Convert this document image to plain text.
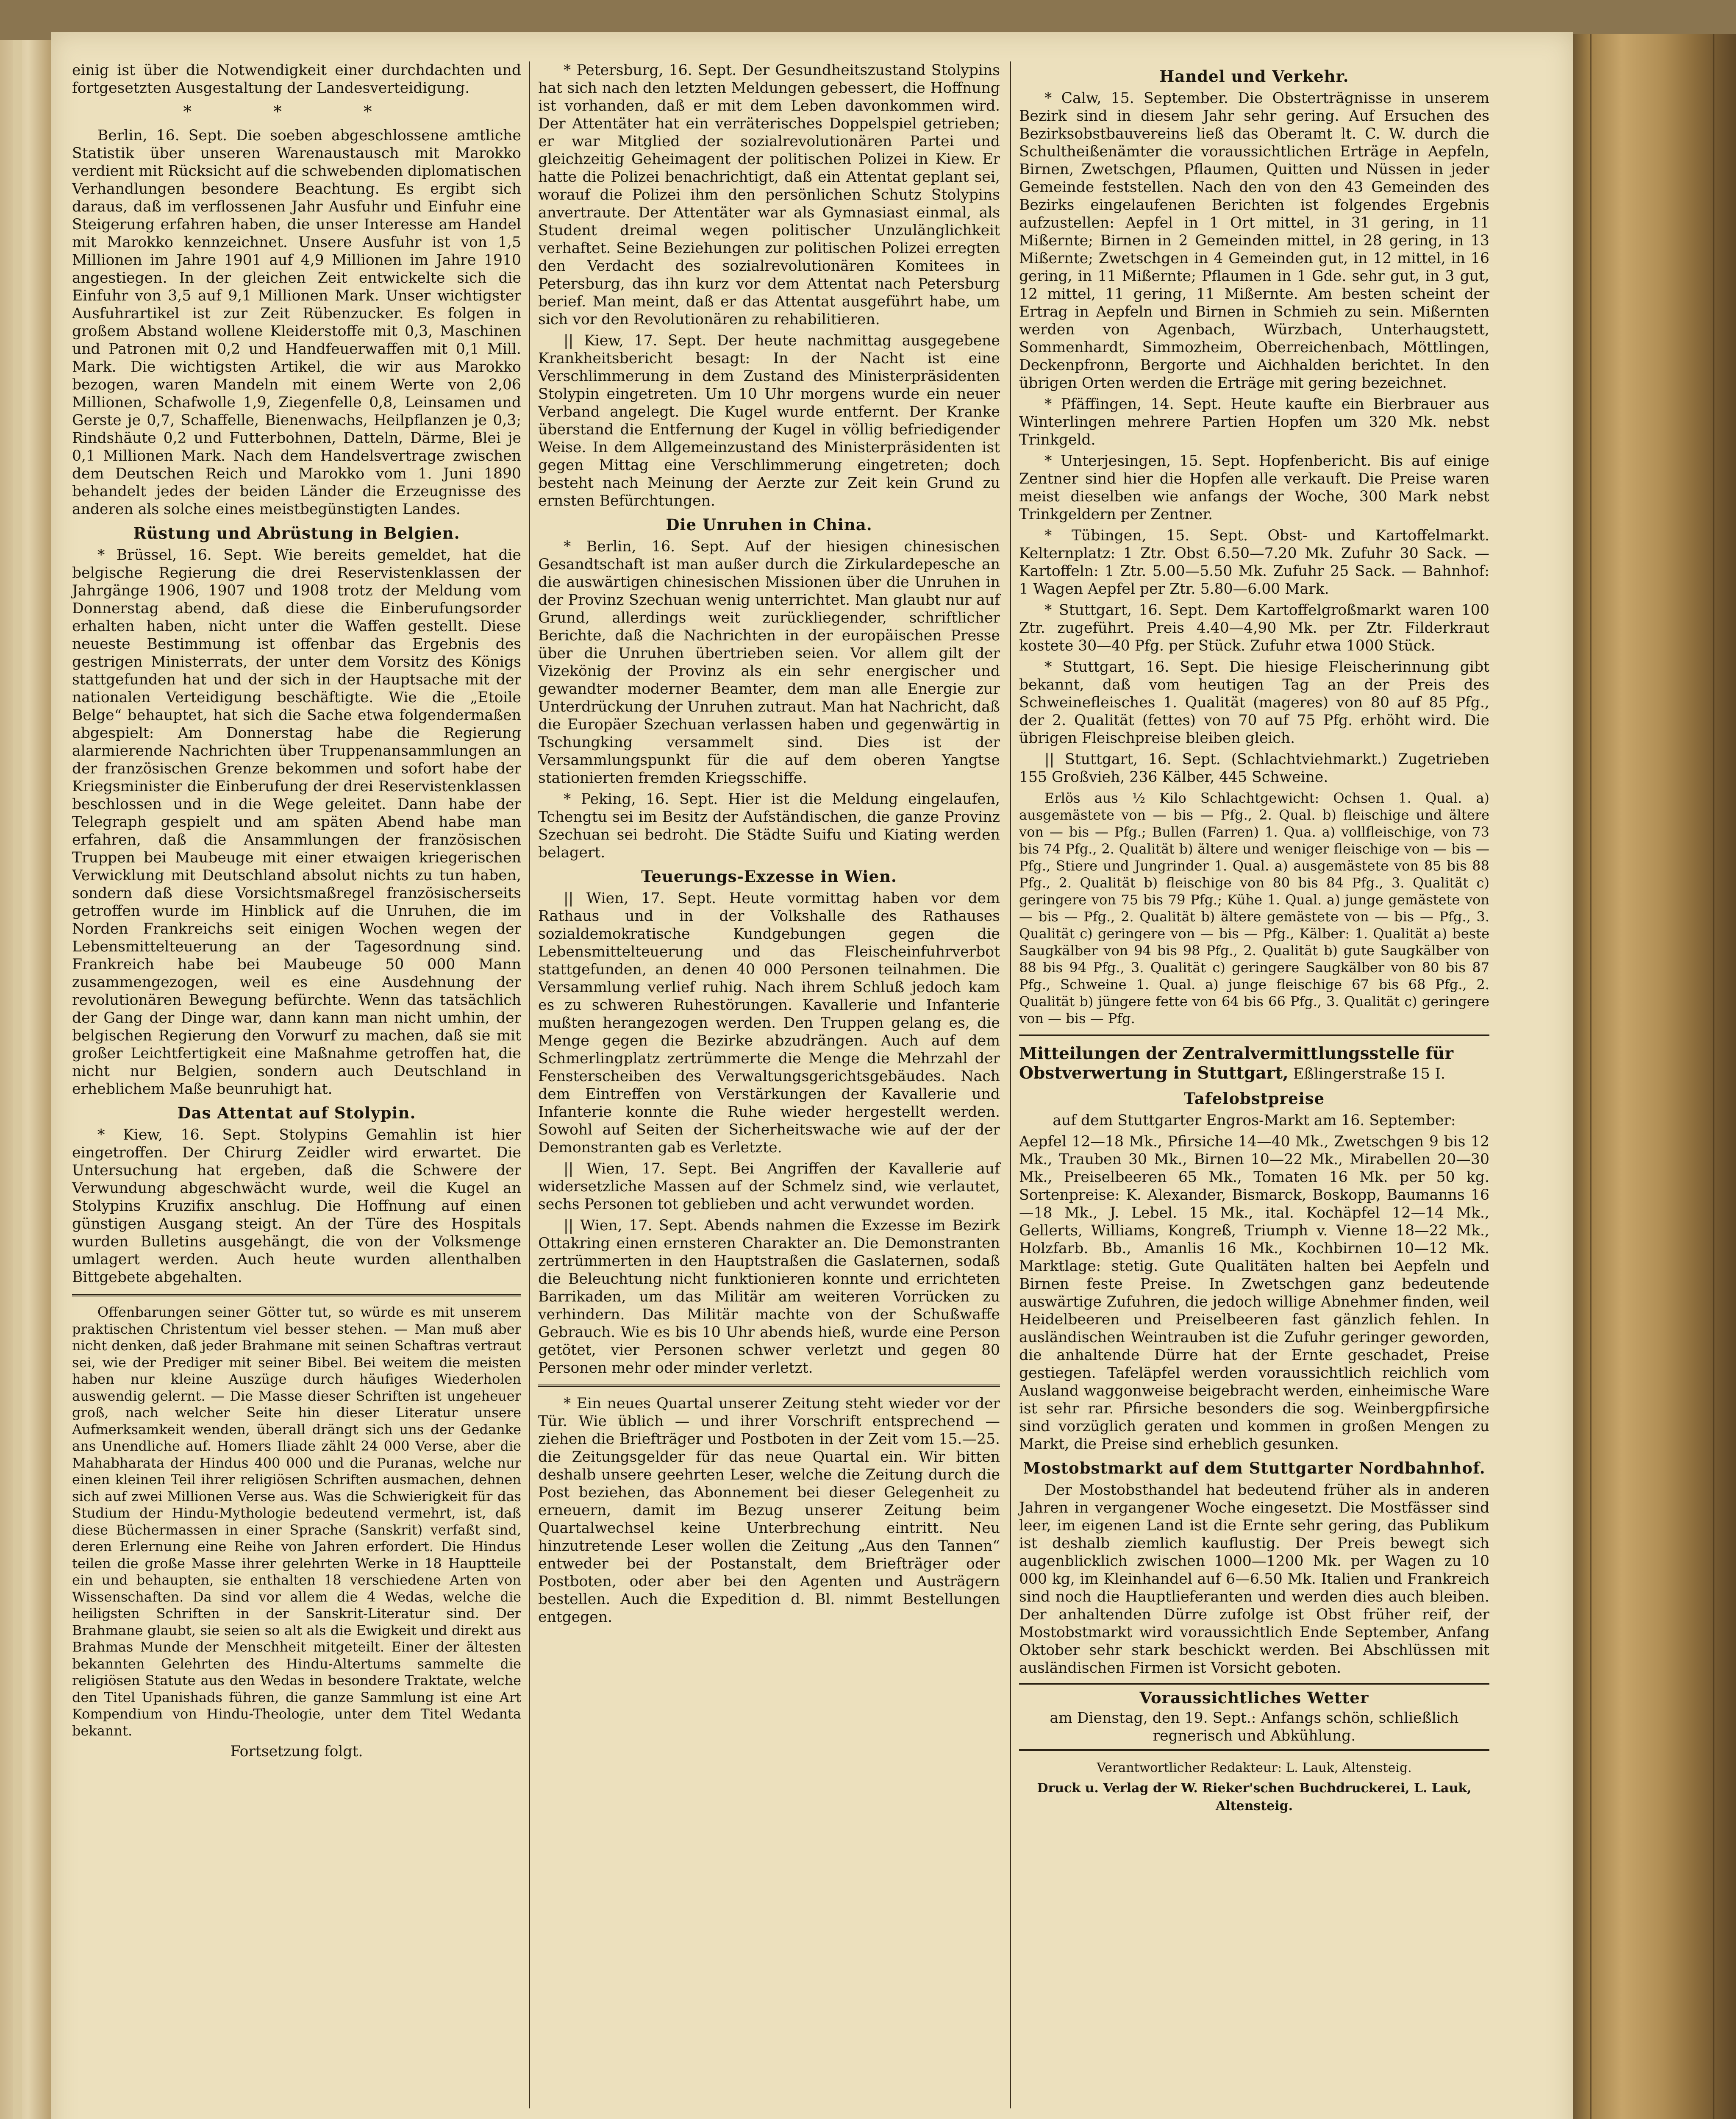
einig ist über die Notwendigkeit einer durchdachten und fortgesetzten Ausgestaltung der Landesverteidigung.

* * *

Berlin, 16. Sept. Die soeben abgeschlossene amtliche Statistik über unseren Warenaustausch mit Marokko verdient mit Rücksicht auf die schwebenden diplomatischen Verhandlungen besondere Beachtung. Es ergibt sich daraus, daß im verflossenen Jahr Ausfuhr und Einfuhr eine Steigerung erfahren haben, die unser Interesse am Handel mit Marokko kennzeichnet. Unsere Ausfuhr ist von 1,5 Millionen im Jahre 1901 auf 4,9 Millionen im Jahre 1910 angestiegen. In der gleichen Zeit entwickelte sich die Einfuhr von 3,5 auf 9,1 Millionen Mark. Unser wichtigster Ausfuhrartikel ist zur Zeit Rübenzucker. Es folgen in großem Abstand wollene Kleiderstoffe mit 0,3, Maschinen und Patronen mit 0,2 und Handfeuerwaffen mit 0,1 Mill. Mark. Die wichtigsten Artikel, die wir aus Marokko bezogen, waren Mandeln mit einem Werte von 2,06 Millionen, Schafwolle 1,9, Ziegenfelle 0,8, Leinsamen und Gerste je 0,7, Schaffelle, Bienenwachs, Heilpflanzen je 0,3; Rindshäute 0,2 und Futterbohnen, Datteln, Därme, Blei je 0,1 Millionen Mark. Nach dem Handelsvertrage zwischen dem Deutschen Reich und Marokko vom 1. Juni 1890 behandelt jedes der beiden Länder die Erzeugnisse des anderen als solche eines meistbegünstigten Landes.

Rüstung und Abrüstung in Belgien.

* Brüssel, 16. Sept. Wie bereits gemeldet, hat die belgische Regierung die drei Reservistenklassen der Jahrgänge 1906, 1907 und 1908 trotz der Meldung vom Donnerstag abend, daß diese die Einberufungsorder erhalten haben, nicht unter die Waffen gestellt. Diese neueste Bestimmung ist offenbar das Ergebnis des gestrigen Ministerrats, der unter dem Vorsitz des Königs stattgefunden hat und der sich in der Hauptsache mit der nationalen Verteidigung beschäftigte. Wie die „Etoile Belge“ behauptet, hat sich die Sache etwa folgendermaßen abgespielt: Am Donnerstag habe die Regierung alarmierende Nachrichten über Truppenansammlungen an der französischen Grenze bekommen und sofort habe der Kriegsminister die Einberufung der drei Reservistenklassen beschlossen und in die Wege geleitet. Dann habe der Telegraph gespielt und am späten Abend habe man erfahren, daß die Ansammlungen der französischen Truppen bei Maubeuge mit einer etwaigen kriegerischen Verwicklung mit Deutschland absolut nichts zu tun haben, sondern daß diese Vorsichtsmaßregel französischerseits getroffen wurde im Hinblick auf die Unruhen, die im Norden Frankreichs seit einigen Wochen wegen der Lebensmittelteuerung an der Tagesordnung sind. Frankreich habe bei Maubeuge 50 000 Mann zusammengezogen, weil es eine Ausdehnung der revolutionären Bewegung befürchte. Wenn das tatsächlich der Gang der Dinge war, dann kann man nicht umhin, der belgischen Regierung den Vorwurf zu machen, daß sie mit großer Leichtfertigkeit eine Maßnahme getroffen hat, die nicht nur Belgien, sondern auch Deutschland in erheblichem Maße beunruhigt hat.

Das Attentat auf Stolypin.

* Kiew, 16. Sept. Stolypins Gemahlin ist hier eingetroffen. Der Chirurg Zeidler wird erwartet. Die Untersuchung hat ergeben, daß die Schwere der Verwundung abgeschwächt wurde, weil die Kugel an Stolypins Kruzifix anschlug. Die Hoffnung auf einen günstigen Ausgang steigt. An der Türe des Hospitals wurden Bulletins ausgehängt, die von der Volksmenge umlagert werden. Auch heute wurden allenthalben Bittgebete abgehalten.

Offenbarungen seiner Götter tut, so würde es mit unserem praktischen Christentum viel besser stehen. — Man muß aber nicht denken, daß jeder Brahmane mit seinen Schaftras vertraut sei, wie der Prediger mit seiner Bibel. Bei weitem die meisten haben nur kleine Auszüge durch häufiges Wiederholen auswendig gelernt. — Die Masse dieser Schriften ist ungeheuer groß, nach welcher Seite hin dieser Literatur unsere Aufmerksamkeit wenden, überall drängt sich uns der Gedanke ans Unendliche auf. Homers Iliade zählt 24 000 Verse, aber die Mahabharata der Hindus 400 000 und die Puranas, welche nur einen kleinen Teil ihrer religiösen Schriften ausmachen, dehnen sich auf zwei Millionen Verse aus. Was die Schwierigkeit für das Studium der Hindu-Mythologie bedeutend vermehrt, ist, daß diese Büchermassen in einer Sprache (Sanskrit) verfaßt sind, deren Erlernung eine Reihe von Jahren erfordert. Die Hindus teilen die große Masse ihrer gelehrten Werke in 18 Hauptteile ein und behaupten, sie enthalten 18 verschiedene Arten von Wissenschaften. Da sind vor allem die 4 Wedas, welche die heiligsten Schriften in der Sanskrit-Literatur sind. Der Brahmane glaubt, sie seien so alt als die Ewigkeit und direkt aus Brahmas Munde der Menschheit mitgeteilt. Einer der ältesten bekannten Gelehrten des Hindu-Altertums sammelte die religiösen Statute aus den Wedas in besondere Traktate, welche den Titel Upanishads führen, die ganze Sammlung ist eine Art Kompendium von Hindu-Theologie, unter dem Titel Wedanta bekannt.

Fortsetzung folgt.

* Petersburg, 16. Sept. Der Gesundheitszustand Stolypins hat sich nach den letzten Meldungen gebessert, die Hoffnung ist vorhanden, daß er mit dem Leben davonkommen wird. Der Attentäter hat ein verräterisches Doppelspiel getrieben; er war Mitglied der sozialrevolutionären Partei und gleichzeitig Geheimagent der politischen Polizei in Kiew. Er hatte die Polizei benachrichtigt, daß ein Attentat geplant sei, worauf die Polizei ihm den persönlichen Schutz Stolypins anvertraute. Der Attentäter war als Gymnasiast einmal, als Student dreimal wegen politischer Unzulänglichkeit verhaftet. Seine Beziehungen zur politischen Polizei erregten den Verdacht des sozialrevolutionären Komitees in Petersburg, das ihn kurz vor dem Attentat nach Petersburg berief. Man meint, daß er das Attentat ausgeführt habe, um sich vor den Revolutionären zu rehabilitieren.

|| Kiew, 17. Sept. Der heute nachmittag ausgegebene Krankheitsbericht besagt: In der Nacht ist eine Verschlimmerung in dem Zustand des Ministerpräsidenten Stolypin eingetreten. Um 10 Uhr morgens wurde ein neuer Verband angelegt. Die Kugel wurde entfernt. Der Kranke überstand die Entfernung der Kugel in völlig befriedigender Weise. In dem Allgemeinzustand des Ministerpräsidenten ist gegen Mittag eine Verschlimmerung eingetreten; doch besteht nach Meinung der Aerzte zur Zeit kein Grund zu ernsten Befürchtungen.

Die Unruhen in China.

* Berlin, 16. Sept. Auf der hiesigen chinesischen Gesandtschaft ist man außer durch die Zirkulardepesche an die auswärtigen chinesischen Missionen über die Unruhen in der Provinz Szechuan wenig unterrichtet. Man glaubt nur auf Grund, allerdings weit zurückliegender, schriftlicher Berichte, daß die Nachrichten in der europäischen Presse über die Unruhen übertrieben seien. Vor allem gilt der Vizekönig der Provinz als ein sehr energischer und gewandter moderner Beamter, dem man alle Energie zur Unterdrückung der Unruhen zutraut. Man hat Nachricht, daß die Europäer Szechuan verlassen haben und gegenwärtig in Tschungking versammelt sind. Dies ist der Versammlungspunkt für die auf dem oberen Yangtse stationierten fremden Kriegsschiffe.

* Peking, 16. Sept. Hier ist die Meldung eingelaufen, Tchengtu sei im Besitz der Aufständischen, die ganze Provinz Szechuan sei bedroht. Die Städte Suifu und Kiating werden belagert.

Teuerungs-Exzesse in Wien.

|| Wien, 17. Sept. Heute vormittag haben vor dem Rathaus und in der Volkshalle des Rathauses sozialdemokratische Kundgebungen gegen die Lebensmittelteuerung und das Fleischeinfuhrverbot stattgefunden, an denen 40 000 Personen teilnahmen. Die Versammlung verlief ruhig. Nach ihrem Schluß jedoch kam es zu schweren Ruhestörungen. Kavallerie und Infanterie mußten herangezogen werden. Den Truppen gelang es, die Menge gegen die Bezirke abzudrängen. Auch auf dem Schmerlingplatz zertrümmerte die Menge die Mehrzahl der Fensterscheiben des Verwaltungsgerichtsgebäudes. Nach dem Eintreffen von Verstärkungen der Kavallerie und Infanterie konnte die Ruhe wieder hergestellt werden. Sowohl auf Seiten der Sicherheitswache wie auf der der Demonstranten gab es Verletzte.

|| Wien, 17. Sept. Bei Angriffen der Kavallerie auf widersetzliche Massen auf der Schmelz sind, wie verlautet, sechs Personen tot geblieben und acht verwundet worden.

|| Wien, 17. Sept. Abends nahmen die Exzesse im Bezirk Ottakring einen ernsteren Charakter an. Die Demonstranten zertrümmerten in den Hauptstraßen die Gaslaternen, sodaß die Beleuchtung nicht funktionieren konnte und errichteten Barrikaden, um das Militär am weiteren Vorrücken zu verhindern. Das Militär machte von der Schußwaffe Gebrauch. Wie es bis 10 Uhr abends hieß, wurde eine Person getötet, vier Personen schwer verletzt und gegen 80 Personen mehr oder minder verletzt.

* Ein neues Quartal unserer Zeitung steht wieder vor der Tür. Wie üblich — und ihrer Vorschrift entsprechend — ziehen die Briefträger und Postboten in der Zeit vom 15.—25. die Zeitungsgelder für das neue Quartal ein. Wir bitten deshalb unsere geehrten Leser, welche die Zeitung durch die Post beziehen, das Abonnement bei dieser Gelegenheit zu erneuern, damit im Bezug unserer Zeitung beim Quartalwechsel keine Unterbrechung eintritt. Neu hinzutretende Leser wollen die Zeitung „Aus den Tannen“ entweder bei der Postanstalt, dem Briefträger oder Postboten, oder aber bei den Agenten und Austrägern bestellen. Auch die Expedition d. Bl. nimmt Bestellungen entgegen.

Handel und Verkehr.

* Calw, 15. September. Die Obsterträgnisse in unserem Bezirk sind in diesem Jahr sehr gering. Auf Ersuchen des Bezirksobstbauvereins ließ das Oberamt lt. C. W. durch die Schultheißenämter die voraussichtlichen Erträge in Aepfeln, Birnen, Zwetschgen, Pflaumen, Quitten und Nüssen in jeder Gemeinde feststellen. Nach den von den 43 Gemeinden des Bezirks eingelaufenen Berichten ist folgendes Ergebnis aufzustellen: Aepfel in 1 Ort mittel, in 31 gering, in 11 Mißernte; Birnen in 2 Gemeinden mittel, in 28 gering, in 13 Mißernte; Zwetschgen in 4 Gemeinden gut, in 12 mittel, in 16 gering, in 11 Mißernte; Pflaumen in 1 Gde. sehr gut, in 3 gut, 12 mittel, 11 gering, 11 Mißernte. Am besten scheint der Ertrag in Aepfeln und Birnen in Schmieh zu sein. Mißernten werden von Agenbach, Würzbach, Unterhaugstett, Sommenhardt, Simmozheim, Oberreichenbach, Möttlingen, Deckenpfronn, Bergorte und Aichhalden berichtet. In den übrigen Orten werden die Erträge mit gering bezeichnet.

* Pfäffingen, 14. Sept. Heute kaufte ein Bierbrauer aus Winterlingen mehrere Partien Hopfen um 320 Mk. nebst Trinkgeld.

* Unterjesingen, 15. Sept. Hopfenbericht. Bis auf einige Zentner sind hier die Hopfen alle verkauft. Die Preise waren meist dieselben wie anfangs der Woche, 300 Mark nebst Trinkgeldern per Zentner.

* Tübingen, 15. Sept. Obst- und Kartoffelmarkt. Kelternplatz: 1 Ztr. Obst 6.50—7.20 Mk. Zufuhr 30 Sack. — Kartoffeln: 1 Ztr. 5.00—5.50 Mk. Zufuhr 25 Sack. — Bahnhof: 1 Wagen Aepfel per Ztr. 5.80—6.00 Mark.

* Stuttgart, 16. Sept. Dem Kartoffelgroßmarkt waren 100 Ztr. zugeführt. Preis 4.40—4,90 Mk. per Ztr. Filderkraut kostete 30—40 Pfg. per Stück. Zufuhr etwa 1000 Stück.

* Stuttgart, 16. Sept. Die hiesige Fleischerinnung gibt bekannt, daß vom heutigen Tag an der Preis des Schweinefleisches 1. Qualität (mageres) von 80 auf 85 Pfg., der 2. Qualität (fettes) von 70 auf 75 Pfg. erhöht wird. Die übrigen Fleischpreise bleiben gleich.

|| Stuttgart, 16. Sept. (Schlachtviehmarkt.) Zugetrieben 155 Großvieh, 236 Kälber, 445 Schweine.

Erlös aus ½ Kilo Schlachtgewicht: Ochsen 1. Qual. a) ausgemästete von — bis — Pfg., 2. Qual. b) fleischige und ältere von — bis — Pfg.; Bullen (Farren) 1. Qua. a) vollfleischige, von 73 bis 74 Pfg., 2. Qualität b) ältere und weniger fleischige von — bis — Pfg., Stiere und Jungrinder 1. Qual. a) ausgemästete von 85 bis 88 Pfg., 2. Qualität b) fleischige von 80 bis 84 Pfg., 3. Qualität c) geringere von 75 bis 79 Pfg.; Kühe 1. Qual. a) junge gemästete von — bis — Pfg., 2. Qualität b) ältere gemästete von — bis — Pfg., 3. Qualität c) geringere von — bis — Pfg., Kälber: 1. Qualität a) beste Saugkälber von 94 bis 98 Pfg., 2. Qualität b) gute Saugkälber von 88 bis 94 Pfg., 3. Qualität c) geringere Saugkälber von 80 bis 87 Pfg., Schweine 1. Qual. a) junge fleischige 67 bis 68 Pfg., 2. Qualität b) jüngere fette von 64 bis 66 Pfg., 3. Qualität c) geringere von — bis — Pfg.

Mitteilungen der Zentralvermittlungsstelle für Obstverwertung in Stuttgart, Eßlingerstraße 15 I.
Tafelobstpreise

auf dem Stuttgarter Engros-Markt am 16. September:

Aepfel 12—18 Mk., Pfirsiche 14—40 Mk., Zwetschgen 9 bis 12 Mk., Trauben 30 Mk., Birnen 10—22 Mk., Mirabellen 20—30 Mk., Preiselbeeren 65 Mk., Tomaten 16 Mk. per 50 kg. Sortenpreise: K. Alexander, Bismarck, Boskopp, Baumanns 16—18 Mk., J. Lebel. 15 Mk., ital. Kochäpfel 12—14 Mk., Gellerts, Williams, Kongreß, Triumph v. Vienne 18—22 Mk., Holzfarb. Bb., Amanlis 16 Mk., Kochbirnen 10—12 Mk. Marktlage: stetig. Gute Qualitäten halten bei Aepfeln und Birnen feste Preise. In Zwetschgen ganz bedeutende auswärtige Zufuhren, die jedoch willige Abnehmer finden, weil Heidelbeeren und Preiselbeeren fast gänzlich fehlen. In ausländischen Weintrauben ist die Zufuhr geringer geworden, die anhaltende Dürre hat der Ernte geschadet, Preise gestiegen. Tafeläpfel werden voraussichtlich reichlich vom Ausland waggonweise beigebracht werden, einheimische Ware ist sehr rar. Pfirsiche besonders die sog. Weinbergpfirsiche sind vorzüglich geraten und kommen in großen Mengen zu Markt, die Preise sind erheblich gesunken.

Mostobstmarkt auf dem Stuttgarter Nordbahnhof.

Der Mostobsthandel hat bedeutend früher als in anderen Jahren in vergangener Woche eingesetzt. Die Mostfässer sind leer, im eigenen Land ist die Ernte sehr gering, das Publikum ist deshalb ziemlich kauflustig. Der Preis bewegt sich augenblicklich zwischen 1000—1200 Mk. per Wagen zu 10 000 kg, im Kleinhandel auf 6—6.50 Mk. Italien und Frankreich sind noch die Hauptlieferanten und werden dies auch bleiben. Der anhaltenden Dürre zufolge ist Obst früher reif, der Mostobstmarkt wird voraussichtlich Ende September, Anfang Oktober sehr stark beschickt werden. Bei Abschlüssen mit ausländischen Firmen ist Vorsicht geboten.

Voraussichtliches Wetter
am Dienstag, den 19. Sept.: Anfangs schön, schließlich regnerisch und Abkühlung.
Verantwortlicher Redakteur: L. Lauk, Altensteig.
Druck u. Verlag der W. Rieker'schen Buchdruckerei, L. Lauk, Altensteig.
